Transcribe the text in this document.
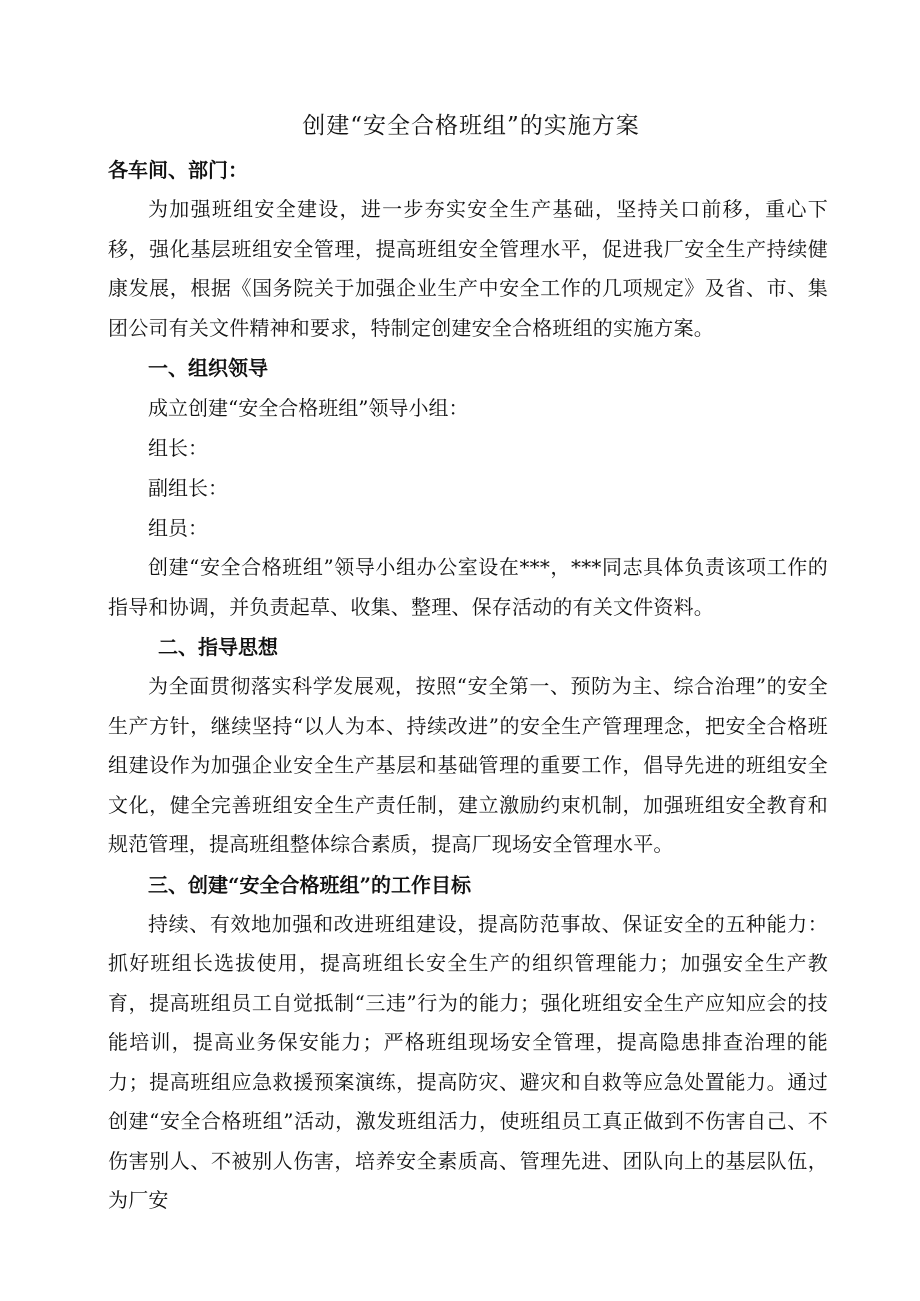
创建“安全合格班组”的实施方案
各车间、部门：

为加强班组安全建设，进一步夯实安全生产基础，坚持关口前移，重心下移，强化基层班组安全管理，提高班组安全管理水平，促进我厂安全生产持续健康发展，根据《国务院关于加强企业生产中安全工作的几项规定》及省、市、集团公司有关文件精神和要求，特制定创建安全合格班组的实施方案。

一、组织领导
成立创建“安全合格班组”领导小组：
组长：
副组长：
组员：

创建“安全合格班组”领导小组办公室设在***，***同志具体负责该项工作的指导和协调，并负责起草、收集、整理、保存活动的有关文件资料。

二、指导思想

为全面贯彻落实科学发展观，按照“安全第一、预防为主、综合治理”的安全生产方针，继续坚持“以人为本、持续改进”的安全生产管理理念，把安全合格班组建设作为加强企业安全生产基层和基础管理的重要工作，倡导先进的班组安全文化，健全完善班组安全生产责任制，建立激励约束机制，加强班组安全教育和规范管理，提高班组整体综合素质，提高厂现场安全管理水平。

三、创建“安全合格班组”的工作目标

持续、有效地加强和改进班组建设，提高防范事故、保证安全的五种能力：抓好班组长选拔使用，提高班组长安全生产的组织管理能力；加强安全生产教育，提高班组员工自觉抵制“三违”行为的能力；强化班组安全生产应知应会的技能培训，提高业务保安能力；严格班组现场安全管理，提高隐患排查治理的能力；提高班组应急救援预案演练，提高防灾、避灾和自救等应急处置能力。通过创建“安全合格班组”活动，激发班组活力，使班组员工真正做到不伤害自己、不伤害别人、不被别人伤害，培养安全素质高、管理先进、团队向上的基层队伍，为厂安
